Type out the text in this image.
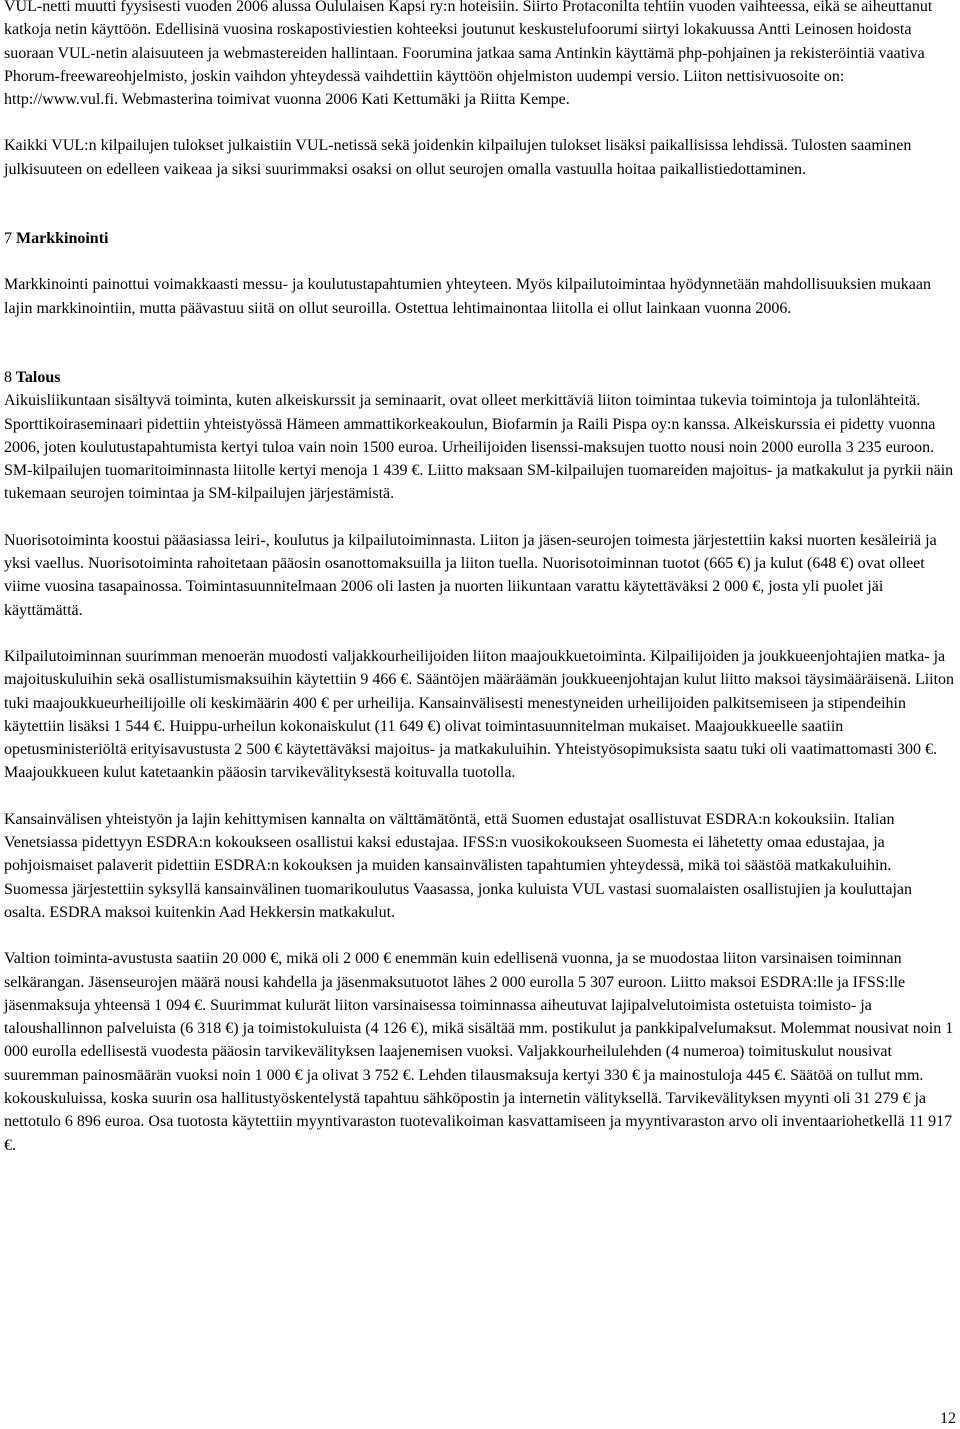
VUL-netti muutti fyysisesti vuoden 2006 alussa Oululaisen Kapsi ry:n hoteisiin. Siirto Protaconilta tehtiin vuoden vaihteessa, eikä se aiheuttanut katkoja netin käyttöön. Edellisinä vuosina roskapostiviestien kohteeksi joutunut keskustelufoorumi siirtyi lokakuussa Antti Leinosen hoidosta suoraan VUL-netin alaisuuteen ja webmastereiden hallintaan. Foorumina jatkaa sama Antinkin käyttämä php-pohjainen ja rekisteröintiä vaativa Phorum-freewareohjelmisto, joskin vaihdon yhteydessä vaihdettiin käyttöön ohjelmiston uudempi versio. Liiton nettisivuosoite on: http://www.vul.fi. Webmasterina toimivat vuonna 2006 Kati Kettumäki ja Riitta Kempe.

Kaikki VUL:n kilpailujen tulokset julkaistiin VUL-netissä sekä joidenkin kilpailujen tulokset lisäksi paikallisissa lehdissä. Tulosten saaminen julkisuuteen on edelleen vaikeaa ja siksi suurimmaksi osaksi on ollut seurojen omalla vastuulla hoitaa paikallistiedottaminen.

7 Markkinointi

Markkinointi painottui voimakkaasti messu- ja koulutustapahtumien yhteyteen. Myös kilpailutoimintaa hyödynnetään mahdollisuuksien mukaan lajin markkinointiin, mutta päävastuu siitä on ollut seuroilla. Ostettua lehtimainontaa liitolla ei ollut lainkaan vuonna 2006.

8 Talous

Aikuisliikuntaan sisältyvä toiminta, kuten alkeiskurssit ja seminaarit, ovat olleet merkittäviä liiton toimintaa tukevia toimintoja ja tulonlähteitä. Sporttikoiraseminaari pidettiin yhteistyössä Hämeen ammattikorkeakoulun, Biofarmin ja Raili Pispa oy:n kanssa. Alkeiskurssia ei pidetty vuonna 2006, joten koulutustapahtumista kertyi tuloa vain noin 1500 euroa. Urheilijoiden lisenssi-maksujen tuotto nousi noin 2000 eurolla 3 235 euroon. SM-kilpailujen tuomaritoiminnasta liitolle kertyi menoja 1 439 €. Liitto maksaan SM-kilpailujen tuomareiden majoitus- ja matkakulut ja pyrkii näin tukemaan seurojen toimintaa ja SM-kilpailujen järjestämistä.

Nuorisotoiminta koostui pääasiassa leiri-, koulutus ja kilpailutoiminnasta. Liiton ja jäsen-seurojen toimesta järjestettiin kaksi nuorten kesäleiriä ja yksi vaellus. Nuorisotoiminta rahoitetaan pääosin osanottomaksuilla ja liiton tuella. Nuorisotoiminnan tuotot (665 €) ja kulut (648 €) ovat olleet viime vuosina tasapainossa. Toimintasuunnitelmaan 2006 oli lasten ja nuorten liikuntaan varattu käytettäväksi 2 000 €, josta yli puolet jäi käyttämättä.

Kilpailutoiminnan suurimman menoerän muodosti valjakkourheilijoiden liiton maajoukkuetoiminta. Kilpailijoiden ja joukkueenjohtajien matka- ja majoituskuluihin sekä osallistumismaksuihin käytettiin 9 466 €. Sääntöjen määräämän joukkueenjohtajan kulut liitto maksoi täysimääräisenä. Liiton tuki maajoukkueurheilijoille oli keskimäärin 400 € per urheilija. Kansainvälisesti menestyneiden urheilijoiden palkitsemiseen ja stipendeihin käytettiin lisäksi 1 544 €. Huippu-urheilun kokonaiskulut (11 649 €) olivat toimintasuunnitelman mukaiset. Maajoukkueelle saatiin opetusministeriöltä erityisavustusta 2 500 € käytettäväksi majoitus- ja matkakuluihin. Yhteistyösopimuksista saatu tuki oli vaatimattomasti 300 €. Maajoukkueen kulut katetaankin pääosin tarvikevälityksestä koituvalla tuotolla.

Kansainvälisen yhteistyön ja lajin kehittymisen kannalta on välttämätöntä, että Suomen edustajat osallistuvat ESDRA:n kokouksiin. Italian Venetsiassa pidettyyn ESDRA:n kokoukseen osallistui kaksi edustajaa. IFSS:n vuosikokoukseen Suomesta ei lähetetty omaa edustajaa, ja pohjoismaiset palaverit pidettiin ESDRA:n kokouksen ja muiden kansainvälisten tapahtumien yhteydessä, mikä toi säästöä matkakuluihin. Suomessa järjestettiin syksyllä kansainvälinen tuomarikoulutus Vaasassa, jonka kuluista VUL vastasi suomalaisten osallistujien ja kouluttajan osalta. ESDRA maksoi kuitenkin Aad Hekkersin matkakulut.

Valtion toiminta-avustusta saatiin 20 000 €, mikä oli 2 000 € enemmän kuin edellisenä vuonna, ja se muodostaa liiton varsinaisen toiminnan selkärangan. Jäsenseurojen määrä nousi kahdella ja jäsenmaksutuotot lähes 2 000 eurolla 5 307 euroon. Liitto maksoi ESDRA:lle ja IFSS:lle jäsenmaksuja yhteensä 1 094 €. Suurimmat kulurät liiton varsinaisessa toiminnassa aiheutuvat lajipalvelutoimista ostetuista toimisto- ja taloushallinnon palveluista (6 318 €) ja toimistokuluista (4 126 €), mikä sisältää mm. postikulut ja pankkipalvelumaksut. Molemmat nousivat noin 1 000 eurolla edellisestä vuodesta pääosin tarvikevälityksen laajenemisen vuoksi. Valjakkourheilulehden (4 numeroa) toimituskulut nousivat suuremman painosmäärän vuoksi noin 1 000 € ja olivat 3 752 €. Lehden tilausmaksuja kertyi 330 € ja mainostuloja 445 €. Säätöä on tullut mm. kokouskuluissa, koska suurin osa hallitustyöskentelystä tapahtuu sähköpostin ja internetin välityksellä. Tarvikevälityksen myynti oli 31 279 € ja nettotulo 6 896 euroa. Osa tuotosta käytettiin myyntivaraston tuotevalikoiman kasvattamiseen ja myyntivaraston arvo oli inventaariohetkellä 11 917 €.

12
